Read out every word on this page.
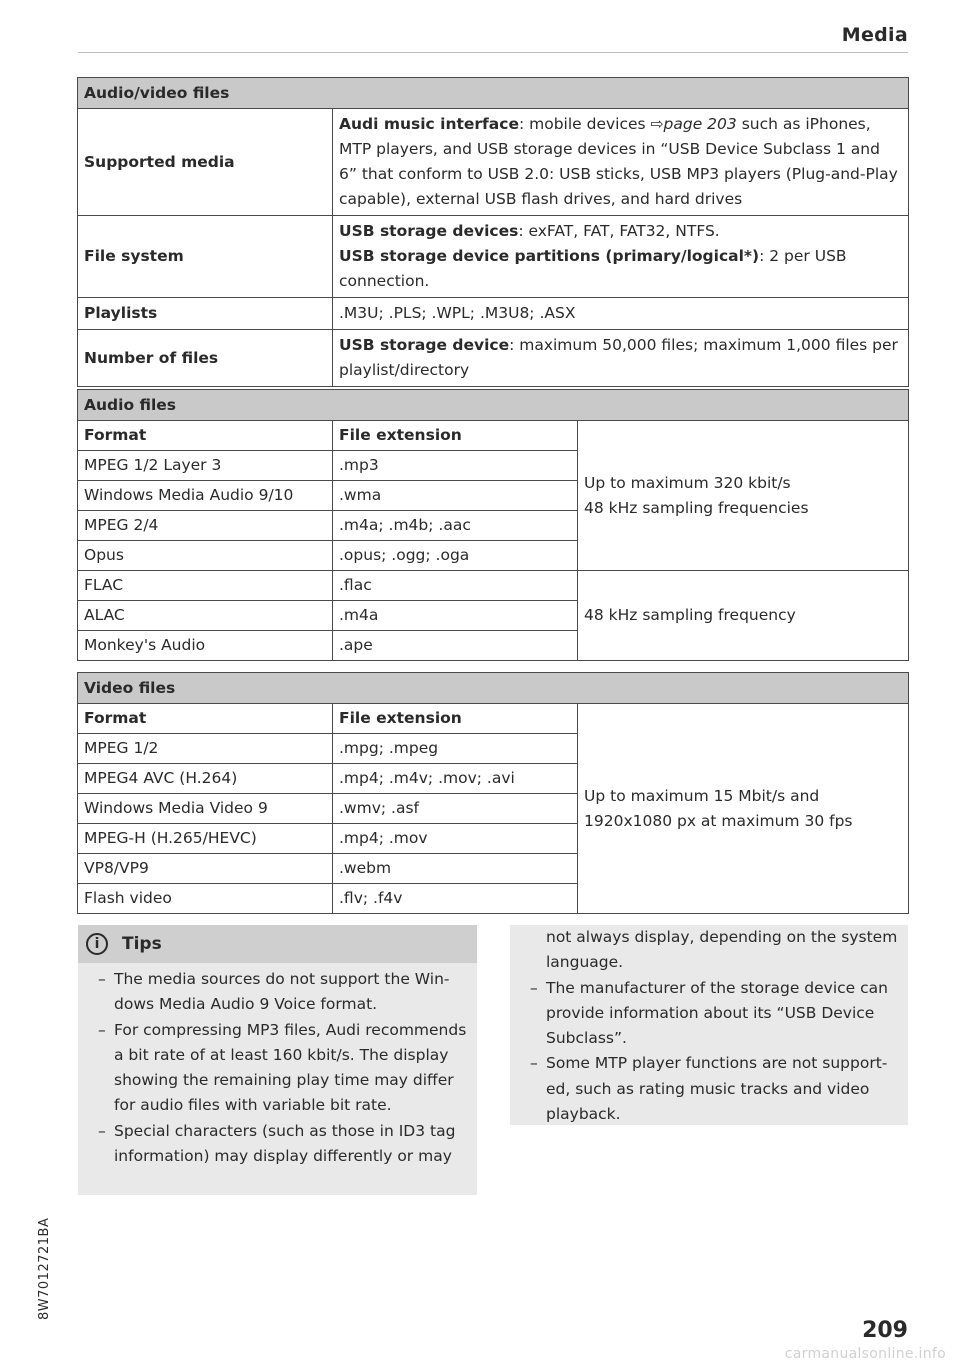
Media
Audio/video files	
Supported media	Audi music interface: mobile devices ⇨page 203 such as iPhones, MTP players, and USB storage devices in “USB Device Subclass 1 and 6” that conform to USB 2.0: USB sticks, USB MP3 players (Plug-and-Play capable), external USB flash drives, and hard drives
File system	USB storage devices: exFAT, FAT, FAT32, NTFS.
USB storage device partitions (primary/logical*): 2 per USB connection.
Playlists	.M3U; .PLS; .WPL; .M3U8; .ASX
Number of files	USB storage device: maximum 50,000 files; maximum 1,000 files per playlist/directory
Audio files		
Format	File extension	Up to maximum 320 kbit/s
48 kHz sampling frequencies
MPEG 1/2 Layer 3	.mp3	
Windows Media Audio 9/10	.wma	
MPEG 2/4	.m4a; .m4b; .aac	
Opus	.opus; .ogg; .oga	
FLAC	.flac	48 kHz sampling frequency
ALAC	.m4a	
Monkey's Audio	.ape	
Video files		
Format	File extension	Up to maximum 15 Mbit/s and
1920x1080 px at maximum 30 fps
MPEG 1/2	.mpg; .mpeg	
MPEG4 AVC (H.264)	.mp4; .m4v; .mov; .avi	
Windows Media Video 9	.wmv; .asf	
MPEG-H (H.265/HEVC)	.mp4; .mov	
VP8/VP9	.webm	
Flash video	.flv; .f4v	
i	Tips
– The media sources do not support the Windows Media Audio 9 Voice format.
– For compressing MP3 files, Audi recommends a bit rate of at least 160 kbit/s. The display showing the remaining play time may differ for audio files with variable bit rate.
– Special characters (such as those in ID3 tag information) may display differently or may
not always display, depending on the system language.
– The manufacturer of the storage device can provide information about its “USB Device Subclass”.
– Some MTP player functions are not supported, such as rating music tracks and video playback.
8W7012721BA
209
carmanualsonline.info
